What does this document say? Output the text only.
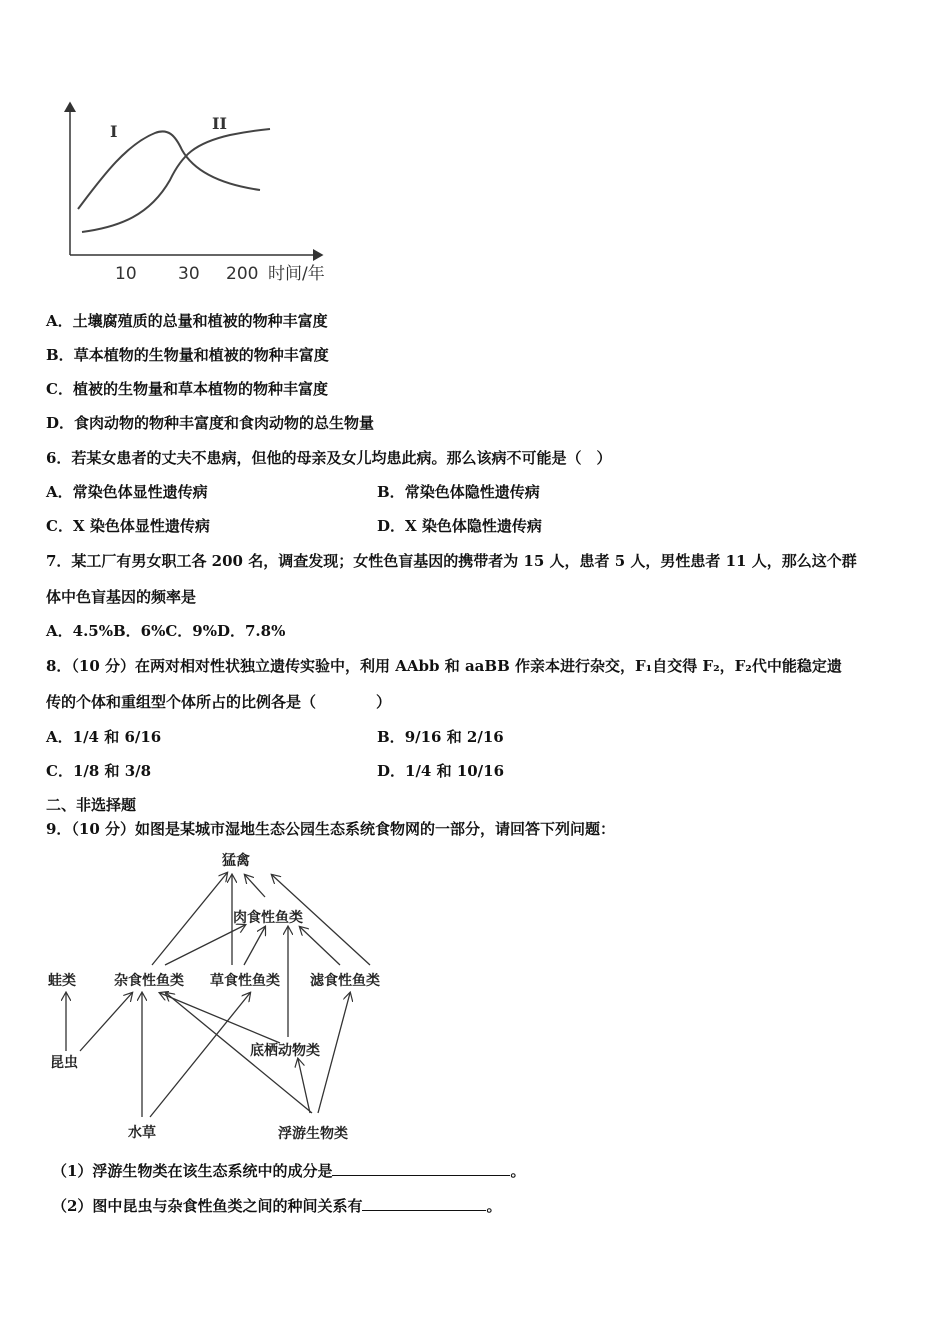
I	II
10 30 200 时间/年
A．土壤腐殖质的总量和植被的物种丰富度
B．草本植物的生物量和植被的物种丰富度
C．植被的生物量和草本植物的物种丰富度
D．食肉动物的物种丰富度和食肉动物的总生物量
6．若某女患者的丈夫不患病，但他的母亲及女儿均患此病。那么该病不可能是（　）
A．常染色体显性遗传病	B．常染色体隐性遗传病
C．X 染色体显性遗传病	D．X 染色体隐性遗传病
7．某工厂有男女职工各 200 名，调查发现；女性色盲基因的携带者为 15 人，患者 5 人，男性患者 11 人，那么这个群
体中色盲基因的频率是
A．4.5%B．6%C．9%D．7.8%
8．（10 分）在两对相对性状独立遗传实验中，利用 AAbb 和 aaBB 作亲本进行杂交，F₁自交得 F₂，F₂代中能稳定遗
传的个体和重组型个体所占的比例各是（　　　　）
A．1/4 和 6/16	B．9/16 和 2/16
C．1/8 和 3/8	D．1/4 和 10/16
二、非选择题
9．（10 分）如图是某城市湿地生态公园生态系统食物网的一部分，请回答下列问题：
猛禽
肉食性鱼类
蛙类	杂食性鱼类 草食性鱼类 滤食性鱼类
昆虫
底栖动物类
水草	浮游生物类
（1）浮游生物类在该生态系统中的成分是	。
（2）图中昆虫与杂食性鱼类之间的种间关系有	。
